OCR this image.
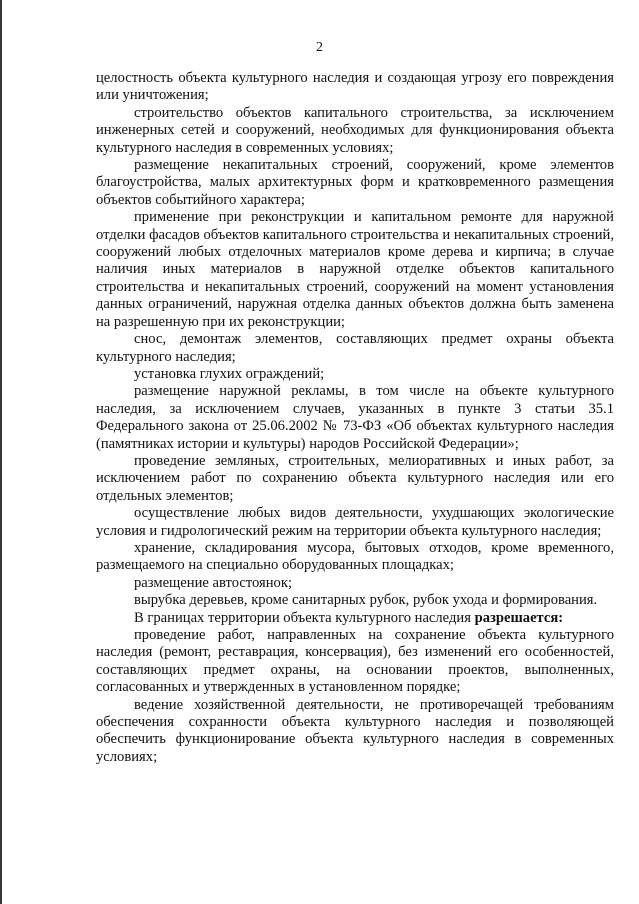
2

целостность объекта культурного наследия и создающая угрозу его повреждения или уничтожения;

строительство объектов капитального строительства, за исключением инженерных сетей и сооружений, необходимых для функционирования объекта культурного наследия в современных условиях;

размещение некапитальных строений, сооружений, кроме элементов благоустройства, малых архитектурных форм и кратковременного размещения объектов событийного характера;

применение при реконструкции и капитальном ремонте для наружной отделки фасадов объектов капитального строительства и некапитальных строений, сооружений любых отделочных материалов кроме дерева и кирпича; в случае наличия иных материалов в наружной отделке объектов капитального строительства и некапитальных строений, сооружений на момент установления данных ограничений, наружная отделка данных объектов должна быть заменена на разрешенную при их реконструкции;

снос, демонтаж элементов, составляющих предмет охраны объекта культурного наследия;

установка глухих ограждений;

размещение наружной рекламы, в том числе на объекте культурного наследия, за исключением случаев, указанных в пункте 3 статьи 35.1 Федерального закона от 25.06.2002 № 73-ФЗ «Об объектах культурного наследия (памятниках истории и культуры) народов Российской Федерации»;

проведение земляных, строительных, мелиоративных и иных работ, за исключением работ по сохранению объекта культурного наследия или его отдельных элементов;

осуществление любых видов деятельности, ухудшающих экологические условия и гидрологический режим на территории объекта культурного наследия;

хранение, складирования мусора, бытовых отходов, кроме временного, размещаемого на специально оборудованных площадках;

размещение автостоянок;

вырубка деревьев, кроме санитарных рубок, рубок ухода и формирования.

В границах территории объекта культурного наследия разрешается:

проведение работ, направленных на сохранение объекта культурного наследия (ремонт, реставрация, консервация), без изменений его особенностей, составляющих предмет охраны, на основании проектов, выполненных, согласованных и утвержденных в установленном порядке;

ведение хозяйственной деятельности, не противоречащей требованиям обеспечения сохранности объекта культурного наследия и позволяющей обеспечить функционирование объекта культурного наследия в современных условиях;
